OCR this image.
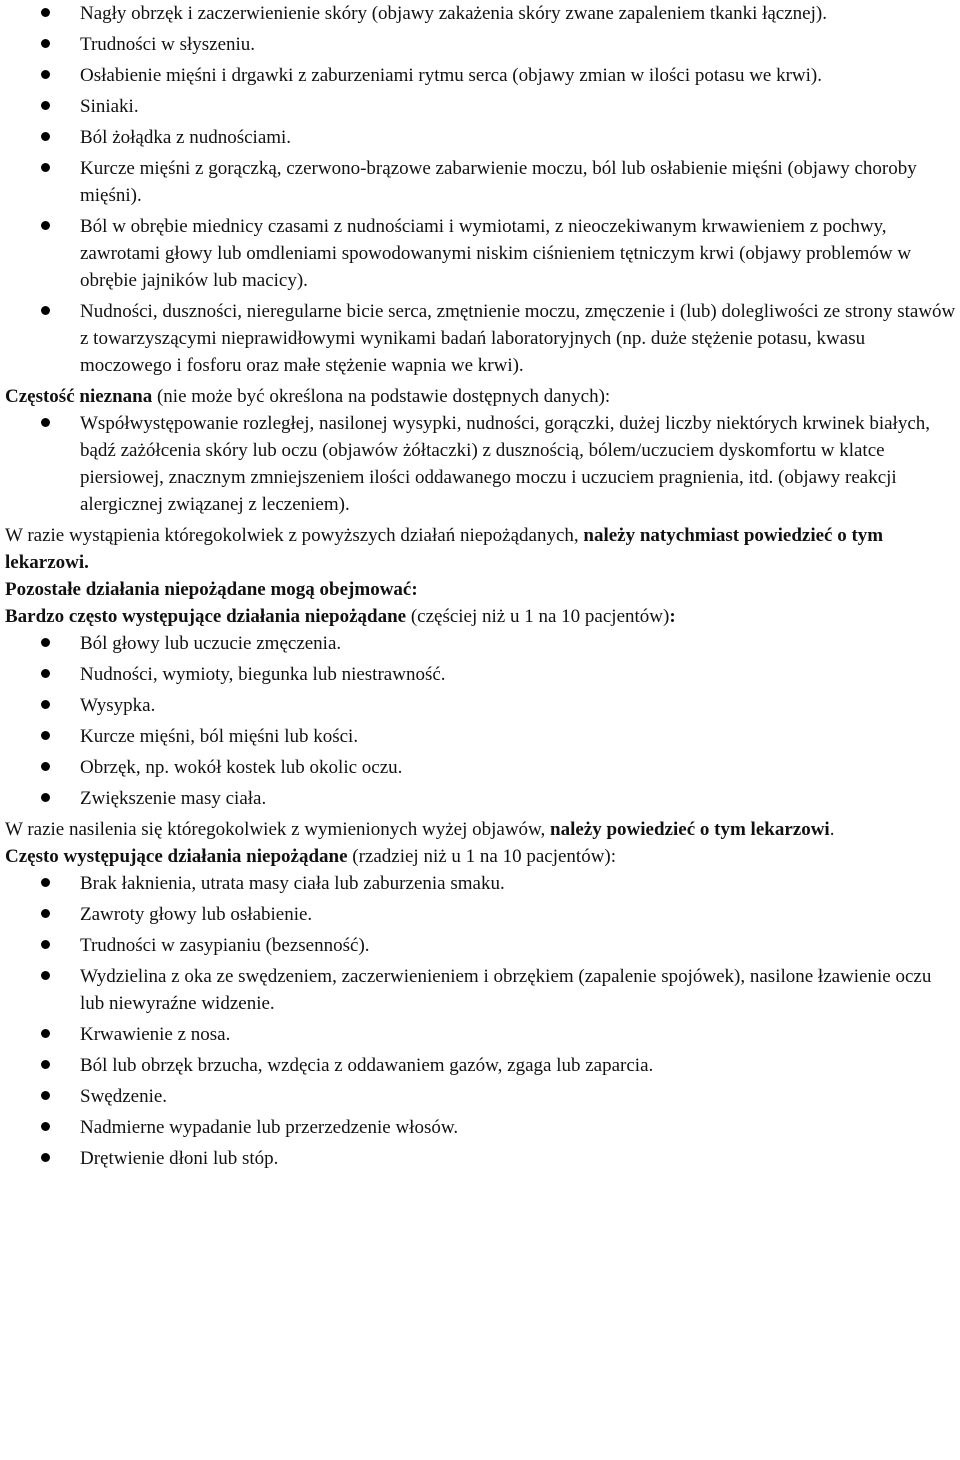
Nagły obrzęk i zaczerwienienie skóry (objawy zakażenia skóry zwane zapaleniem tkanki łącznej).
Trudności w słyszeniu.
Osłabienie mięśni i drgawki z zaburzeniami rytmu serca (objawy zmian w ilości potasu we krwi).
Siniaki.
Ból żołądka z nudnościami.
Kurcze mięśni z gorączką, czerwono-brązowe zabarwienie moczu, ból lub osłabienie mięśni (objawy choroby mięśni).
Ból w obrębie miednicy czasami z nudnościami i wymiotami, z nieoczekiwanym krwawieniem z pochwy, zawrotami głowy lub omdleniami spowodowanymi niskim ciśnieniem tętniczym krwi (objawy problemów w obrębie jajników lub macicy).
Nudności, duszności, nieregularne bicie serca, zmętnienie moczu, zmęczenie i (lub) dolegliwości ze strony stawów z towarzyszącymi nieprawidłowymi wynikami badań laboratoryjnych (np. duże stężenie potasu, kwasu moczowego i fosforu oraz małe stężenie wapnia we krwi).

Częstość nieznana (nie może być określona na podstawie dostępnych danych):

Współwystępowanie rozległej, nasilonej wysypki, nudności, gorączki, dużej liczby niektórych krwinek białych, bądź zażółcenia skóry lub oczu (objawów żółtaczki) z dusznością, bólem/uczuciem dyskomfortu w klatce piersiowej, znacznym zmniejszeniem ilości oddawanego moczu i uczuciem pragnienia, itd. (objawy reakcji alergicznej związanej z leczeniem).

W razie wystąpienia któregokolwiek z powyższych działań niepożądanych, należy natychmiast powiedzieć o tym lekarzowi.

Pozostałe działania niepożądane mogą obejmować:

Bardzo często występujące działania niepożądane (częściej niż u 1 na 10 pacjentów):

Ból głowy lub uczucie zmęczenia.
Nudności, wymioty, biegunka lub niestrawność.
Wysypka.
Kurcze mięśni, ból mięśni lub kości.
Obrzęk, np. wokół kostek lub okolic oczu.
Zwiększenie masy ciała.

W razie nasilenia się któregokolwiek z wymienionych wyżej objawów, należy powiedzieć o tym lekarzowi.

Często występujące działania niepożądane (rzadziej niż u 1 na 10 pacjentów):

Brak łaknienia, utrata masy ciała lub zaburzenia smaku.
Zawroty głowy lub osłabienie.
Trudności w zasypianiu (bezsenność).
Wydzielina z oka ze swędzeniem, zaczerwienieniem i obrzękiem (zapalenie spojówek), nasilone łzawienie oczu lub niewyraźne widzenie.
Krwawienie z nosa.
Ból lub obrzęk brzucha, wzdęcia z oddawaniem gazów, zgaga lub zaparcia.
Swędzenie.
Nadmierne wypadanie lub przerzedzenie włosów.
Drętwienie dłoni lub stóp.
